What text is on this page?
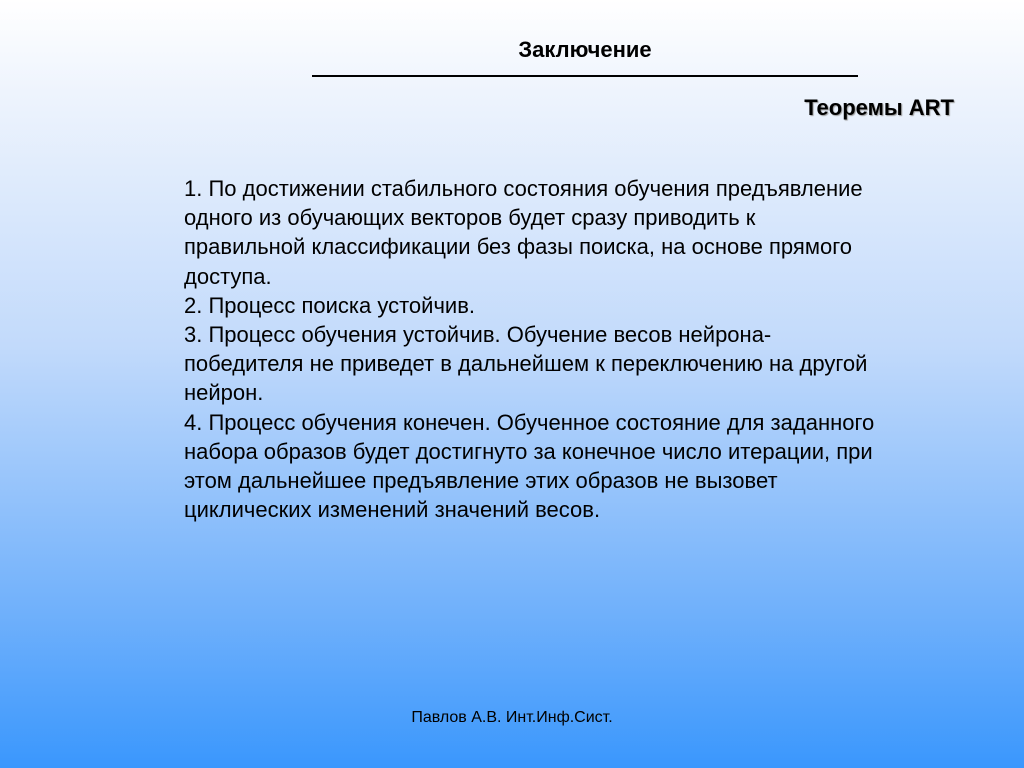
Заключение
Теоремы ART
1. По достижении стабильного состояния обучения предъявление
одного из обучающих векторов будет сразу приводить к
правильной классификации без фазы поиска, на основе прямого
доступа.
2. Процесс поиска устойчив.
3. Процесс обучения устойчив. Обучение весов нейрона-
победителя не приведет в дальнейшем к переключению на другой
нейрон.
4. Процесс обучения конечен. Обученное состояние для заданного
набора образов будет достигнуто за конечное число итерации, при
этом дальнейшее предъявление этих образов не вызовет
циклических изменений значений весов.
Павлов А.В. Инт.Инф.Сист.
